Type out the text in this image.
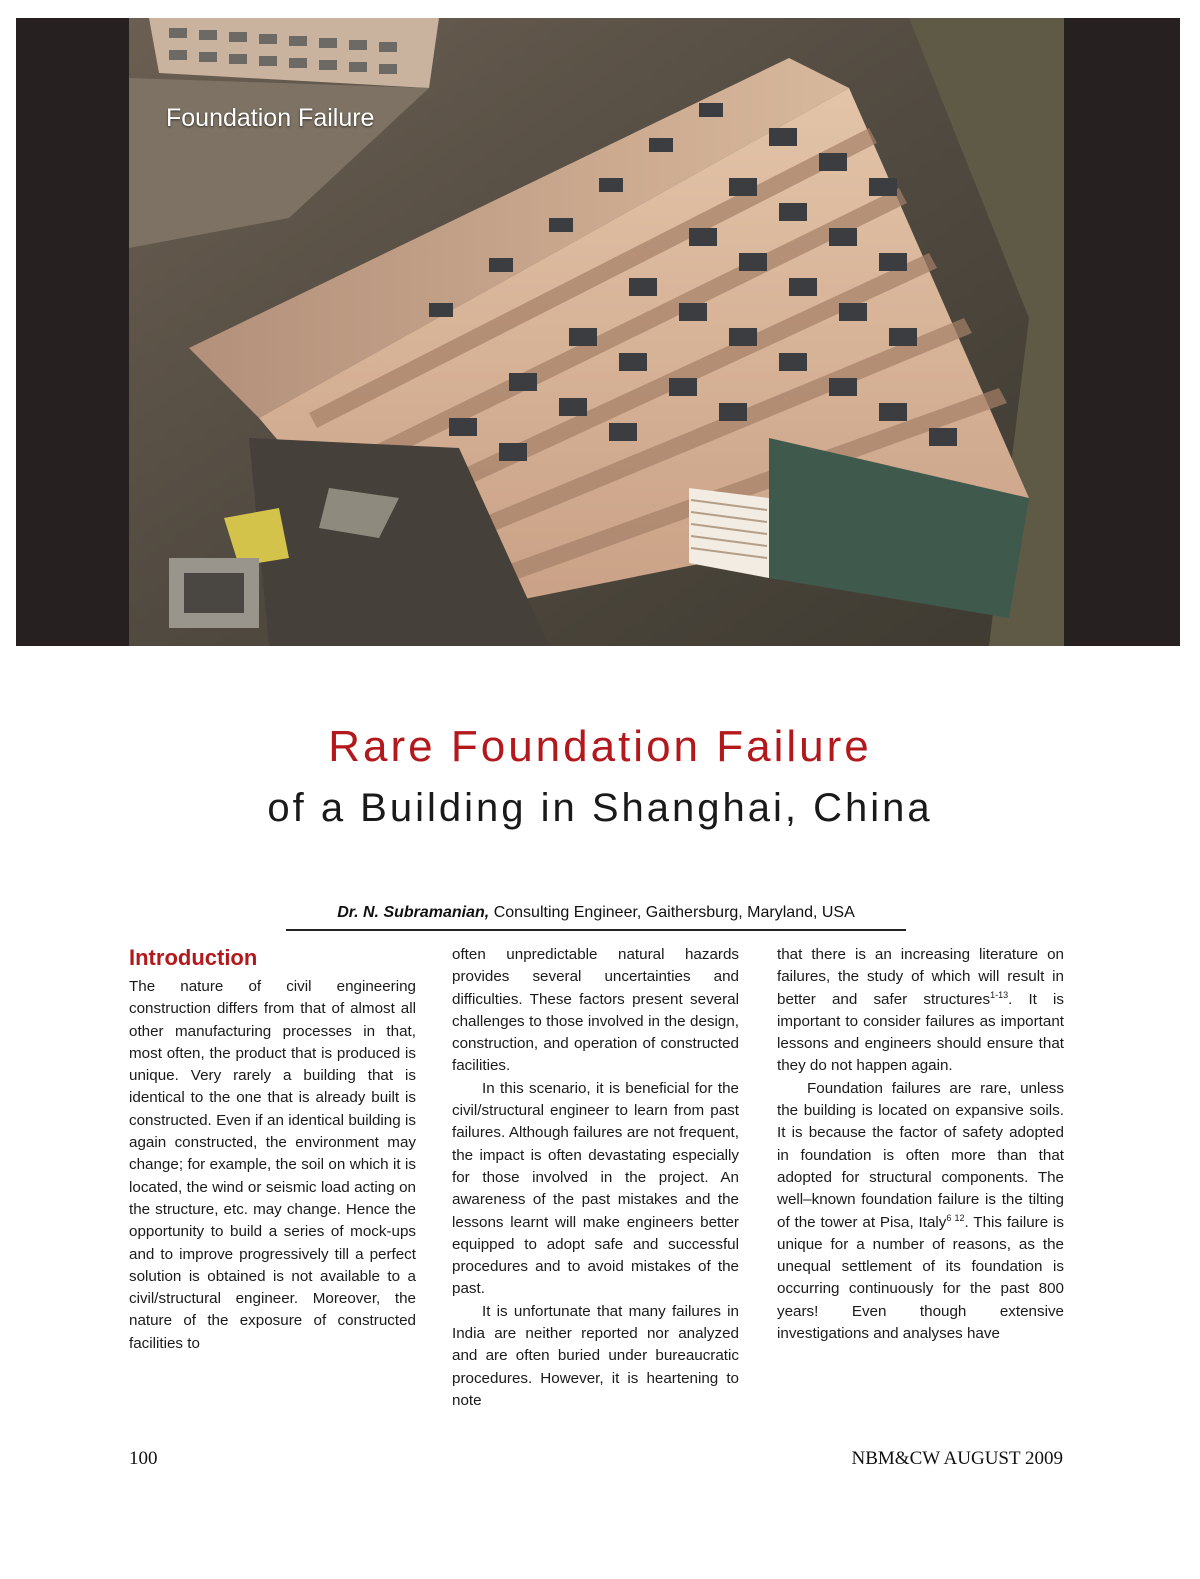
Foundation Failure
Rare Foundation Failure
of a Building in Shanghai, China
Dr. N. Subramanian, Consulting Engineer, Gaithersburg, Maryland, USA
Introduction

The nature of civil engineering construction differs from that of almost all other manufacturing processes in that, most often, the product that is produced is unique. Very rarely a building that is identical to the one that is already built is constructed. Even if an identical building is again constructed, the environment may change; for example, the soil on which it is located, the wind or seismic load acting on the structure, etc. may change. Hence the opportunity to build a series of mock-ups and to improve progressively till a perfect solution is obtained is not available to a civil/structural engineer. Moreover, the nature of the exposure of constructed facilities to

often unpredictable natural hazards provides several uncertainties and difficulties. These factors present several challenges to those involved in the design, construction, and operation of constructed facilities.

In this scenario, it is beneficial for the civil/structural engineer to learn from past failures. Although failures are not frequent, the impact is often devastating especially for those involved in the project. An awareness of the past mistakes and the lessons learnt will make engineers better equipped to adopt safe and successful procedures and to avoid mistakes of the past.

It is unfortunate that many failures in India are neither reported nor analyzed and are often buried under bureaucratic procedures. However, it is heartening to note

that there is an increasing literature on failures, the study of which will result in better and safer structures$^{1-13}$. It is important to consider failures as important lessons and engineers should ensure that they do not happen again.

Foundation failures are rare, unless the building is located on expansive soils. It is because the factor of safety adopted in foundation is often more than that adopted for structural components. The well–known foundation failure is the tilting of the tower at Pisa, Italy$^{6 12}$. This failure is unique for a number of reasons, as the unequal settlement of its foundation is occurring continuously for the past 800 years! Even though extensive investigations and analyses have

100	NBM&CW AUGUST 2009
